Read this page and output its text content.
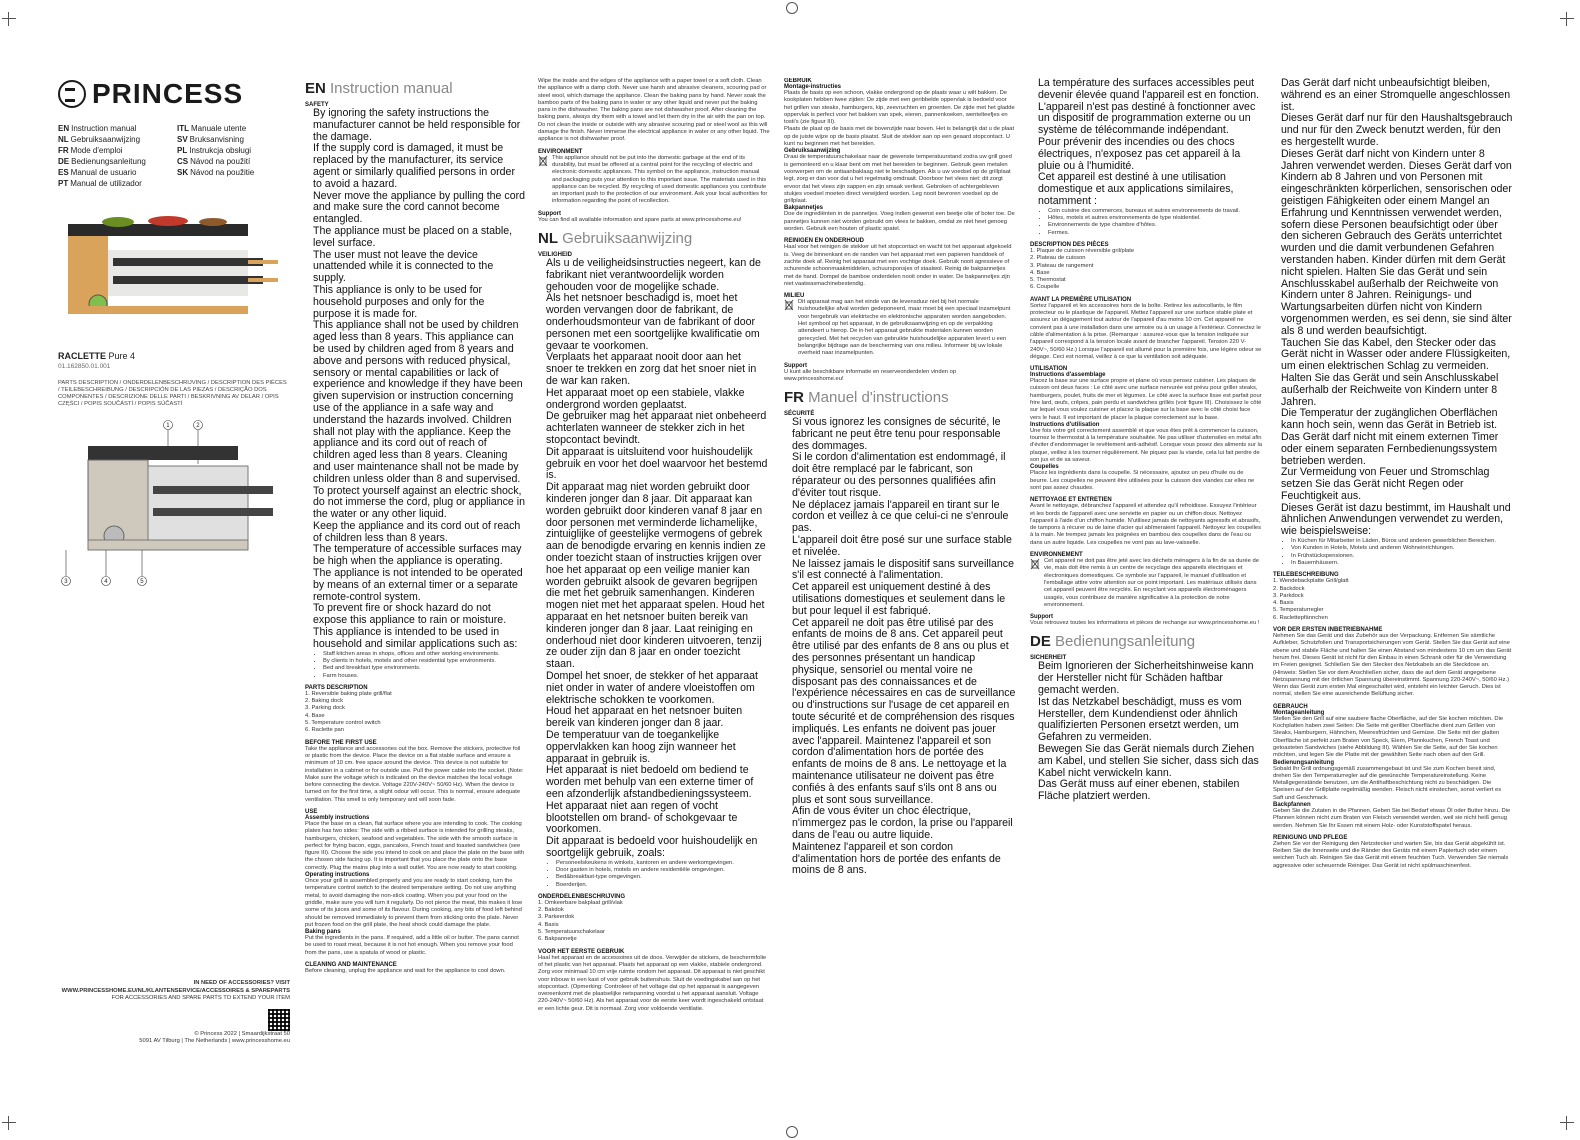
PRINCESS
EN Instruction manual	ITL Manuale utente
NL Gebruiksaanwijzing	SV Bruksanvisning
FR Mode d'emploi	PL Instrukcja obsługi
DE Bedienungsanleitung	CS Návod na použití
ES Manual de usuario	SK Návod na použitie
PT Manual de utilizador
RACLETTE Pure 4
01.162850.01.001
PARTS DESCRIPTION / ONDERDELENBESCHRIJVING / DESCRIPTION DES PIÈCES / TEILEBESCHREIBUNG / DESCRIPCIÓN DE LAS PIEZAS / DESCRIÇÃO DOS COMPONENTES / DESCRIZIONE DELLE PARTI / BESKRIVNING AV DELAR / OPIS CZĘŚCI / POPIS SOUČÁSTÍ / POPIS SÚČASTÍ
1	2
3	4	5
IN NEED OF ACCESSORIES? VISIT
WWW.PRINCESSHOME.EU/NL/KLANTENSERVICE/ACCESSOIRES & SPAREPARTS
FOR ACCESSORIES AND SPARE PARTS TO EXTEND YOUR ITEM
© Princess 2022 | Smaardijkstraat 50
5091 AV Tilburg | The Netherlands | www.princesshome.eu
EN Instruction manual
SAFETY
• By ignoring the safety instructions the manufacturer cannot be held responsible for the damage.
• If the supply cord is damaged, it must be replaced by the manufacturer, its service agent or similarly qualified persons in order to avoid a hazard.
• Never move the appliance by pulling the cord and make sure the cord cannot become entangled.
• The appliance must be placed on a stable, level surface.
• The user must not leave the device unattended while it is connected to the supply.
• This appliance is only to be used for household purposes and only for the purpose it is made for.
• This appliance shall not be used by children aged less than 8 years. This appliance can be used by children aged from 8 years and above and persons with reduced physical, sensory or mental capabilities or lack of experience and knowledge if they have been given supervision or instruction concerning use of the appliance in a safe way and understand the hazards involved. Children shall not play with the appliance. Keep the appliance and its cord out of reach of children aged less than 8 years. Cleaning and user maintenance shall not be made by children unless older than 8 and supervised.
• To protect yourself against an electric shock, do not immerse the cord, plug or appliance in the water or any other liquid.
• Keep the appliance and its cord out of reach of children less than 8 years.
• The temperature of accessible surfaces may be high when the appliance is operating.
• The appliance is not intended to be operated by means of an external timer or a separate remote-control system.
• To prevent fire or shock hazard do not expose this appliance to rain or moisture.
• This appliance is intended to be used in household and similar applications such as:
• Staff kitchen areas in shops, offices and other working environments.
• By clients in hotels, motels and other residential type environments.
• Bed and breakfast type environments.
• Farm houses.
PARTS DESCRIPTION
1. Reversible baking plate grill/flat
2. Baking dock
3. Parking dock
4. Base
5. Temperature control switch
6. Raclette pan
BEFORE THE FIRST USE
Take the appliance and accessories out the box. Remove the stickers, protective foil or plastic from the device. Place the device on a flat stable surface and ensure a minimum of 10 cm. free space around the device. This device is not suitable for installation in a cabinet or for outside use. Pull the power cable into the socket. (Note: Make sure the voltage which is indicated on the device matches the local voltage before connecting the device. Voltage 220V-240V~ 50/60 Hz). When the device is turned on for the first time, a slight odour will occur. This is normal, ensure adequate ventilation. This smell is only temporary and will soon fade.
USE
Assembly instructions
Place the base on a clean, flat surface where you are intending to cook. The cooking plates has two sides: The side with a ribbed surface is intended for grilling steaks, hamburgers, chicken, seafood and vegetables. The side with the smooth surface is perfect for frying bacon, eggs, pancakes, French toast and toasted sandwiches (see figure III). Choose the side you intend to cook on and place the plate on the base with the chosen side facing up. It is important that you place the plate onto the base correctly. Plug the mains plug into a wall outlet. You are now ready to start cooking.
Operating instructions
Once your grill is assembled properly and you are ready to start cooking, turn the temperature control switch to the desired temperature setting. Do not use anything metal, to avoid damaging the non-stick coating. When you put your food on the griddle, make sure you will turn it regularly. Do not pierce the meat, this makes it lose some of its juices and some of its flavour. During cooking, any bits of food left behind should be removed immediately to prevent them from sticking onto the plate. Never put frozen food on the grill plate, the heat shock could damage the plate.
Baking pans
Put the ingredients in the pans. If required, add a little oil or butter. The pans cannot be used to roast meat, because it is not hot enough. When you remove your food from the pans, use a spatula of wood or plastic.
CLEANING AND MAINTENANCE
Before cleaning, unplug the appliance and wait for the appliance to cool down.
Wipe the inside and the edges of the appliance with a paper towel or a soft cloth. Clean the appliance with a damp cloth. Never use harsh and abrasive cleaners, scouring pad or steel wool, which damage the appliance. Clean the baking pans by hand. Never soak the bamboo parts of the baking pans in water or any other liquid and never put the baking pans in the dishwasher. The baking pans are not dishwasher proof. After cleaning the baking pans, always dry them with a towel and let them dry in the air with the pan on top. Do not clean the inside or outside with any abrasive scouring pad or steel wool as this will damage the finish. Never immerse the electrical appliance in water or any other liquid. The appliance is not dishwasher proof.
ENVIRONMENT
This appliance should not be put into the domestic garbage at the end of its durability, but must be offered at a central point for the recycling of electric and electronic domestic appliances. This symbol on the appliance, instruction manual and packaging puts your attention to this important issue. The materials used in this appliance can be recycled. By recycling of used domestic appliances you contribute an important push to the protection of our environment. Ask your local authorities for information regarding the point of recollection.
Support
You can find all available information and spare parts at www.princesshome.eu!
NL Gebruiksaanwijzing
VEILIGHEID
• Als u de veiligheidsinstructies negeert, kan de fabrikant niet verantwoordelijk worden gehouden voor de mogelijke schade.
• Als het netsnoer beschadigd is, moet het worden vervangen door de fabrikant, de onderhoudsmonteur van de fabrikant of door personen met een soortgelijke kwalificatie om gevaar te voorkomen.
• Verplaats het apparaat nooit door aan het snoer te trekken en zorg dat het snoer niet in de war kan raken.
• Het apparaat moet op een stabiele, vlakke ondergrond worden geplaatst.
• De gebruiker mag het apparaat niet onbeheerd achterlaten wanneer de stekker zich in het stopcontact bevindt.
• Dit apparaat is uitsluitend voor huishoudelijk gebruik en voor het doel waarvoor het bestemd is.
• Dit apparaat mag niet worden gebruikt door kinderen jonger dan 8 jaar. Dit apparaat kan worden gebruikt door kinderen vanaf 8 jaar en door personen met verminderde lichamelijke, zintuiglijke of geestelijke vermogens of gebrek aan de benodigde ervaring en kennis indien ze onder toezicht staan of instructies krijgen over hoe het apparaat op een veilige manier kan worden gebruikt alsook de gevaren begrijpen die met het gebruik samenhangen. Kinderen mogen niet met het apparaat spelen. Houd het apparaat en het netsnoer buiten bereik van kinderen jonger dan 8 jaar. Laat reiniging en onderhoud niet door kinderen uitvoeren, tenzij ze ouder zijn dan 8 jaar en onder toezicht staan.
• Dompel het snoer, de stekker of het apparaat niet onder in water of andere vloeistoffen om elektrische schokken te voorkomen.
• Houd het apparaat en het netsnoer buiten bereik van kinderen jonger dan 8 jaar.
• De temperatuur van de toegankelijke oppervlakken kan hoog zijn wanneer het apparaat in gebruik is.
• Het apparaat is niet bedoeld om bediend te worden met behulp van een externe timer of een afzonderlijk afstandbedieningssysteem.
• Het apparaat niet aan regen of vocht blootstellen om brand- of schokgevaar te voorkomen.
• Dit apparaat is bedoeld voor huishoudelijk en soortgelijk gebruik, zoals:
• Personeelskeukens in winkels, kantoren en andere werkomgevingen.
• Door gasten in hotels, motels en andere residentiële omgevingen.
• Bed&breakfast-type omgevingen.
• Boerderijen.
ONDERDELENBESCHRIJVING
1. Omkeerbare bakplaat grill/vlak
2. Bakdok
3. Parkeerdok
4. Basis
5. Temperatuurschakelaar
6. Bakpannetje
VOOR HET EERSTE GEBRUIK
Haal het apparaat en de accessoires uit de doos. Verwijder de stickers, de beschermfolie of het plastic van het apparaat. Plaats het apparaat op een vlakke, stabiele ondergrond. Zorg voor minimaal 10 cm vrije ruimte rondom het apparaat. Dit apparaat is niet geschikt voor inbouw in een kast of voor gebruik buitenshuis. Sluit de voedingskabel aan op het stopcontact. (Opmerking: Controleer of het voltage dat op het apparaat is aangegeven overeenkomt met de plaatselijke netspanning voordat u het apparaat aansluit. Voltage 220-240V~ 50/60 Hz). Als het apparaat voor de eerste keer wordt ingeschakeld ontstaat er een lichte geur. Dit is normaal. Zorg voor voldoende ventilatie.
GEBRUIK
Montage-instructies
Plaats de basis op een schoon, vlakke ondergrond op de plaats waar u wilt bakken. De kookplaten hebben twee zijden: De zijde met een geribbelde oppervlak is bedoeld voor het grillen van steaks, hamburgers, kip, zeevruchten en groenten. De zijde met het gladde oppervlak is perfect voor het bakken van spek, eieren, pannenkoeken, wentelteefjes en tosti's (zie figuur III).
Plaats de plaat op de basis met de bovenzijde naar boven. Het is belangrijk dat u de plaat op de juiste wijze op de basis plaatst. Sluit de stekker aan op een geaard stopcontact. U kunt nu beginnen met het bereiden.
Gebruiksaanwijzing
Draai de temperatuurschakelaar naar de gewenste temperatuurstand zodra uw grill goed is gemonteerd en u klaar bent om met het bereiden te beginnen. Gebruik geen metalen voorwerpen om de antiaanbaklaag niet te beschadigen. Als u uw voedsel op de grillplaat legt, zorg er dan voor dat u het regelmatig omdraait. Doorboor het vlees niet: dit zorgt ervoor dat het vlees zijn sappen en zijn smaak verliest. Gebroken of achtergebleven stukjes voedsel moeten direct verwijderd worden. Leg nooit bevroren voedsel op de grillplaat.
Bakpannetjes
Doe de ingrediënten in de pannetjes. Voeg indien gewenst een beetje olie of boter toe. De pannetjes kunnen niet worden gebruikt om vlees te bakken, omdat ze niet heet genoeg worden. Gebruik een houten of plastic spatel.
REINIGEN EN ONDERHOUD
Haal voor het reinigen de stekker uit het stopcontact en wacht tot het apparaat afgekoeld is. Veeg de binnenkant en de randen van het apparaat met een papieren handdoek of zachte doek af. Reinig het apparaat met een vochtige doek. Gebruik nooit agressieve of schurende schoonmaakmiddelen, schuursponsjes of staalwol. Reinig de bakpannetjes met de hand. Dompel de bamboe onderdelen nooit onder in water. De bakpannetjes zijn niet vaatwasmachinebestendig.
MILIEU
Dit apparaat mag aan het einde van de levensduur niet bij het normale huishoudelijke afval worden gedeponeerd, maar moet bij een speciaal inzamelpunt voor hergebruik van elektrische en elektronische apparaten worden aangeboden. Het symbool op het apparaat, in de gebruiksaanwijzing en op de verpakking attendeert u hierop. De in het apparaat gebruikte materialen kunnen worden gerecycled. Met het recyclen van gebruikte huishoudelijke apparaten levert u een belangrijke bijdrage aan de bescherming van ons milieu. Informeer bij uw lokale overheid naar inzamelpunten.
Support
U kunt alle beschikbare informatie en reserveonderdelen vinden op www.princesshome.eu!
FR Manuel d'instructions
SÉCURITÉ
• Si vous ignorez les consignes de sécurité, le fabricant ne peut être tenu pour responsable des dommages.
• Si le cordon d'alimentation est endommagé, il doit être remplacé par le fabricant, son réparateur ou des personnes qualifiées afin d'éviter tout risque.
• Ne déplacez jamais l'appareil en tirant sur le cordon et veillez à ce que celui-ci ne s'enroule pas.
• L'appareil doit être posé sur une surface stable et nivelée.
• Ne laissez jamais le dispositif sans surveillance s'il est connecté à l'alimentation.
• Cet appareil est uniquement destiné à des utilisations domestiques et seulement dans le but pour lequel il est fabriqué.
• Cet appareil ne doit pas être utilisé par des enfants de moins de 8 ans. Cet appareil peut être utilisé par des enfants de 8 ans ou plus et des personnes présentant un handicap physique, sensoriel ou mental voire ne disposant pas des connaissances et de l'expérience nécessaires en cas de surveillance ou d'instructions sur l'usage de cet appareil en toute sécurité et de compréhension des risques impliqués. Les enfants ne doivent pas jouer avec l'appareil. Maintenez l'appareil et son cordon d'alimentation hors de portée des enfants de moins de 8 ans. Le nettoyage et la maintenance utilisateur ne doivent pas être confiés à des enfants sauf s'ils ont 8 ans ou plus et sont sous surveillance.
• Afin de vous éviter un choc électrique, n'immergez pas le cordon, la prise ou l'appareil dans de l'eau ou autre liquide.
• Maintenez l'appareil et son cordon d'alimentation hors de portée des enfants de moins de 8 ans.
• La température des surfaces accessibles peut devenir élevée quand l'appareil est en fonction.
• L'appareil n'est pas destiné à fonctionner avec un dispositif de programmation externe ou un système de télécommande indépendant.
• Pour prévenir des incendies ou des chocs électriques, n'exposez pas cet appareil à la pluie ou à l'humidité.
• Cet appareil est destiné à une utilisation domestique et aux applications similaires, notamment :
• Coin cuisine des commerces, bureaux et autres environnements de travail.
• Hôtes, motels et autres environnements de type résidentiel.
• Environnements de type chambre d'hôtes.
• Fermes.
DESCRIPTION DES PIÈCES
1. Plaque de cuisson réversible gril/plate
2. Plateau de cuisson
3. Plateau de rangement
4. Base
5. Thermostat
6. Coupelle
AVANT LA PREMIÈRE UTILISATION
Sortez l'appareil et les accessoires hors de la boîte. Retirez les autocollants, le film protecteur ou le plastique de l'appareil. Mettez l'appareil sur une surface stable plate et assurez un dégagement tout autour de l'appareil d'au moins 10 cm. Cet appareil ne convient pas à une installation dans une armoire ou à un usage à l'extérieur. Connectez le câble d'alimentation à la prise. (Remarque : assurez-vous que la tension indiquée sur l'appareil correspond à la tension locale avant de brancher l'appareil. Tension 220 V-240V~, 50/60 Hz.) Lorsque l'appareil est allumé pour la première fois, une légère odeur se dégage. Ceci est normal, veillez à ce que la ventilation soit adéquate.
UTILISATION
Instructions d'assemblage
Placez la base sur une surface propre et plane où vous pensez cuisiner. Les plaques de cuisson ont deux faces : Le côté avec une surface nervurée est prévu pour griller steaks, hamburgers, poulet, fruits de mer et légumes. Le côté avec la surface lisse est parfait pour frire lard, œufs, crêpes, pain perdu et sandwiches grillés (voir figure III). Choisissez le côté sur lequel vous voulez cuisiner et placez la plaque sur la base avec le côté choisi face vers le haut. Il est important de placer la plaque correctement sur la base.
Instructions d'utilisation
Une fois votre gril correctement assemblé et que vous êtes prêt à commencer la cuisson, tournez le thermostat à la température souhaitée. Ne pas utiliser d'ustensiles en métal afin d'éviter d'endommager le revêtement anti-adhésif. Lorsque vous posez des aliments sur la plaque, veillez à les tourner régulièrement. Ne piquez pas la viande, cela lui fait perdre de son jus et de sa saveur.
Coupelles
Placez les ingrédients dans la coupelle. Si nécessaire, ajoutez un peu d'huile ou de beurre. Les coupelles ne peuvent être utilisées pour la cuisson des viandes car elles ne sont pas assez chaudes.
NETTOYAGE ET ENTRETIEN
Avant le nettoyage, débranchez l'appareil et attendez qu'il refroidisse. Essuyez l'intérieur et les bords de l'appareil avec une serviette en papier ou un chiffon doux. Nettoyez l'appareil à l'aide d'un chiffon humide. N'utilisez jamais de nettoyants agressifs et abrasifs, de tampons à récurer ou de laine d'acier qui abîmeraient l'appareil. Nettoyez les coupelles à la main. Ne trempez jamais les poignées en bambou des coupelles dans de l'eau ou dans un autre liquide. Les coupelles ne vont pas au lave-vaisselle.
ENVIRONNEMENT
Cet appareil ne doit pas être jeté avec les déchets ménagers à la fin de sa durée de vie, mais doit être remis à un centre de recyclage des appareils électriques et électroniques domestiques. Ce symbole sur l'appareil, le manuel d'utilisation et l'emballage attire votre attention sur ce point important. Les matériaux utilisés dans cet appareil peuvent être recyclés. En recyclant vos appareils électroménagers usagés, vous contribuez de manière significative à la protection de notre environnement.
Support
Vous retrouvez toutes les informations et pièces de rechange sur www.princesshome.eu !
DE Bedienungsanleitung
SICHERHEIT
• Beim Ignorieren der Sicherheitshinweise kann der Hersteller nicht für Schäden haftbar gemacht werden.
• Ist das Netzkabel beschädigt, muss es vom Hersteller, dem Kundendienst oder ähnlich qualifizierten Personen ersetzt werden, um Gefahren zu vermeiden.
• Bewegen Sie das Gerät niemals durch Ziehen am Kabel, und stellen Sie sicher, dass sich das Kabel nicht verwickeln kann.
• Das Gerät muss auf einer ebenen, stabilen Fläche platziert werden.
• Das Gerät darf nicht unbeaufsichtigt bleiben, während es an einer Stromquelle angeschlossen ist.
• Dieses Gerät darf nur für den Haushaltsgebrauch und nur für den Zweck benutzt werden, für den es hergestellt wurde.
• Dieses Gerät darf nicht von Kindern unter 8 Jahren verwendet werden. Dieses Gerät darf von Kindern ab 8 Jahren und von Personen mit eingeschränkten körperlichen, sensorischen oder geistigen Fähigkeiten oder einem Mangel an Erfahrung und Kenntnissen verwendet werden, sofern diese Personen beaufsichtigt oder über den sicheren Gebrauch des Geräts unterrichtet wurden und die damit verbundenen Gefahren verstanden haben. Kinder dürfen mit dem Gerät nicht spielen. Halten Sie das Gerät und sein Anschlusskabel außerhalb der Reichweite von Kindern unter 8 Jahren. Reinigungs- und Wartungsarbeiten dürfen nicht von Kindern vorgenommen werden, es sei denn, sie sind älter als 8 und werden beaufsichtigt.
• Tauchen Sie das Kabel, den Stecker oder das Gerät nicht in Wasser oder andere Flüssigkeiten, um einen elektrischen Schlag zu vermeiden.
• Halten Sie das Gerät und sein Anschlusskabel außerhalb der Reichweite von Kindern unter 8 Jahren.
• Die Temperatur der zugänglichen Oberflächen kann hoch sein, wenn das Gerät in Betrieb ist.
• Das Gerät darf nicht mit einem externen Timer oder einem separaten Fernbedienungssystem betrieben werden.
• Zur Vermeidung von Feuer und Stromschlag setzen Sie das Gerät nicht Regen oder Feuchtigkeit aus.
• Dieses Gerät ist dazu bestimmt, im Haushalt und ähnlichen Anwendungen verwendet zu werden, wie beispielsweise:
• In Küchen für Mitarbeiter in Läden, Büros und anderen gewerblichen Bereichen.
• Von Kunden in Hotels, Motels und anderen Wohneinrichtungen.
• In Frühstückspensionen.
• In Bauernhäusern.
TEILEBESCHREIBUNG
1. Wendebackplatte Grill/glatt
2. Backdock
3. Parkdock
4. Basis
5. Temperaturregler
6. Raclettepfännchen
VOR DER ERSTEN INBETRIEBNAHME
Nehmen Sie das Gerät und das Zubehör aus der Verpackung. Entfernen Sie sämtliche Aufkleber, Schutzfolien und Transportsicherungen vom Gerät. Stellen Sie das Gerät auf eine ebene und stabile Fläche und halten Sie einen Abstand von mindestens 10 cm um das Gerät herum frei. Dieses Gerät ist nicht für den Einbau in einen Schrank oder für die Verwendung im Freien geeignet. Schließen Sie den Stecker des Netzkabels an die Steckdose an. (Hinweis: Stellen Sie vor dem Anschließen sicher, dass die auf dem Gerät angegebene Netzspannung mit der örtlichen Spannung übereinstimmt. Spannung 220-240V~, 50/60 Hz.) Wenn das Gerät zum ersten Mal eingeschaltet wird, entsteht ein leichter Geruch. Dies ist normal, stellen Sie eine ausreichende Belüftung sicher.
GEBRAUCH
Montageanleitung
Stellen Sie den Grill auf eine saubere flache Oberfläche, auf der Sie kochen möchten. Die Kochplatten haben zwei Seiten: Die Seite mit gerillter Oberfläche dient zum Grillen von Steaks, Hamburgern, Hähnchen, Meeresfrüchten und Gemüse. Die Seite mit der glatten Oberfläche ist perfekt zum Braten von Speck, Eiern, Pfannkuchen, French Toast und getoasteten Sandwiches (siehe Abbildung III). Wählen Sie die Seite, auf der Sie kochen möchten, und legen Sie die Platte mit der gewählten Seite nach oben auf den Grill.
Bedienungsanleitung
Sobald Ihr Grill ordnungsgemäß zusammengebaut ist und Sie zum Kochen bereit sind, drehen Sie den Temperaturregler auf die gewünschte Temperatureinstellung. Keine Metallgegenstände benutzen, um die Antihaftbeschichtung nicht zu beschädigen. Die Speisen auf der Grillplatte regelmäßig wenden. Fleisch nicht einstechen, sonst verliert es Saft und Geschmack.
Backpfannen
Geben Sie die Zutaten in die Pfannen. Geben Sie bei Bedarf etwas Öl oder Butter hinzu. Die Pfannen können nicht zum Braten von Fleisch verwendet werden, weil sie nicht heiß genug werden. Nehmen Sie Ihr Essen mit einem Holz- oder Kunststoffspatel heraus.
REINIGUNG UND PFLEGE
Ziehen Sie vor der Reinigung den Netzstecker und warten Sie, bis das Gerät abgekühlt ist. Reiben Sie die Innenseite und die Ränder des Geräts mit einem Papiertuch oder einem weichen Tuch ab. Reinigen Sie das Gerät mit einem feuchten Tuch. Verwenden Sie niemals aggressive oder scheuernde Reiniger. Das Gerät ist nicht spülmaschinenfest.
